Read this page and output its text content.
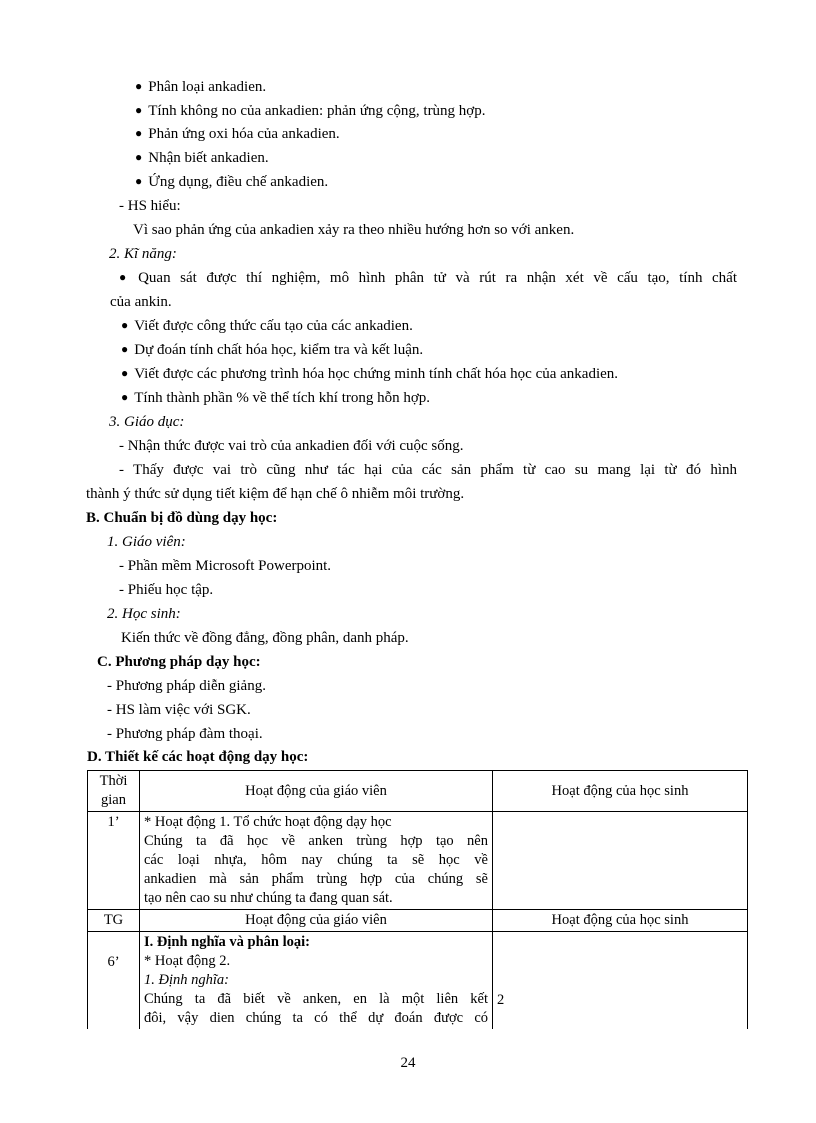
● Phân loại ankadien.
● Tính không no của ankadien: phản ứng cộng, trùng hợp.
● Phản ứng oxi hóa của ankadien.
● Nhận biết ankadien.
● Ứng dụng, điều chế ankadien.
- HS hiểu:
Vì sao phản ứng của ankadien xảy ra theo nhiều hướng hơn so với anken.
2. Kĩ năng:
● Quan sát được thí nghiệm, mô hình phân tử và rút ra nhận xét về cấu tạo, tính chất
của ankin.
● Viết được công thức cấu tạo của các ankadien.
● Dự đoán tính chất hóa học, kiểm tra và kết luận.
● Viết được các phương trình hóa học chứng minh tính chất hóa học của ankadien.
● Tính thành phần % về thể tích khí trong hỗn hợp.
3. Giáo dục:
- Nhận thức được vai trò của ankadien đối với cuộc sống.
- Thấy được vai trò cũng như tác hại của các sản phẩm từ cao su mang lại từ đó hình
thành ý thức sử dụng tiết kiệm để hạn chế ô nhiễm môi trường.
B. Chuẩn bị đồ dùng dạy học:
1. Giáo viên:
- Phần mềm Microsoft Powerpoint.
- Phiếu học tập.
2. Học sinh:
Kiến thức về đồng đẳng, đồng phân, danh pháp.
C. Phương pháp dạy học:
- Phương pháp diễn giảng.
- HS làm việc với SGK.
- Phương pháp đàm thoại.
D. Thiết kế các hoạt động dạy học:
Thời
gian	Hoạt động của giáo viên	Hoạt động của học sinh
1’	* Hoạt động 1. Tổ chức hoạt động dạy học
Chúng ta đã học về anken trùng hợp tạo nên
các loại nhựa, hôm nay chúng ta sẽ học về
ankadien mà sản phẩm trùng hợp của chúng sẽ
tạo nên cao su như chúng ta đang quan sát.	

TG	Hoạt động của giáo viên	Hoạt động của học sinh
6’	I. Định nghĩa và phân loại:
* Hoạt động 2.
1. Định nghĩa:
Chúng ta đã biết về anken, en là một liên kết
đôi, vậy dien chúng ta có thể dự đoán được có	2
24
